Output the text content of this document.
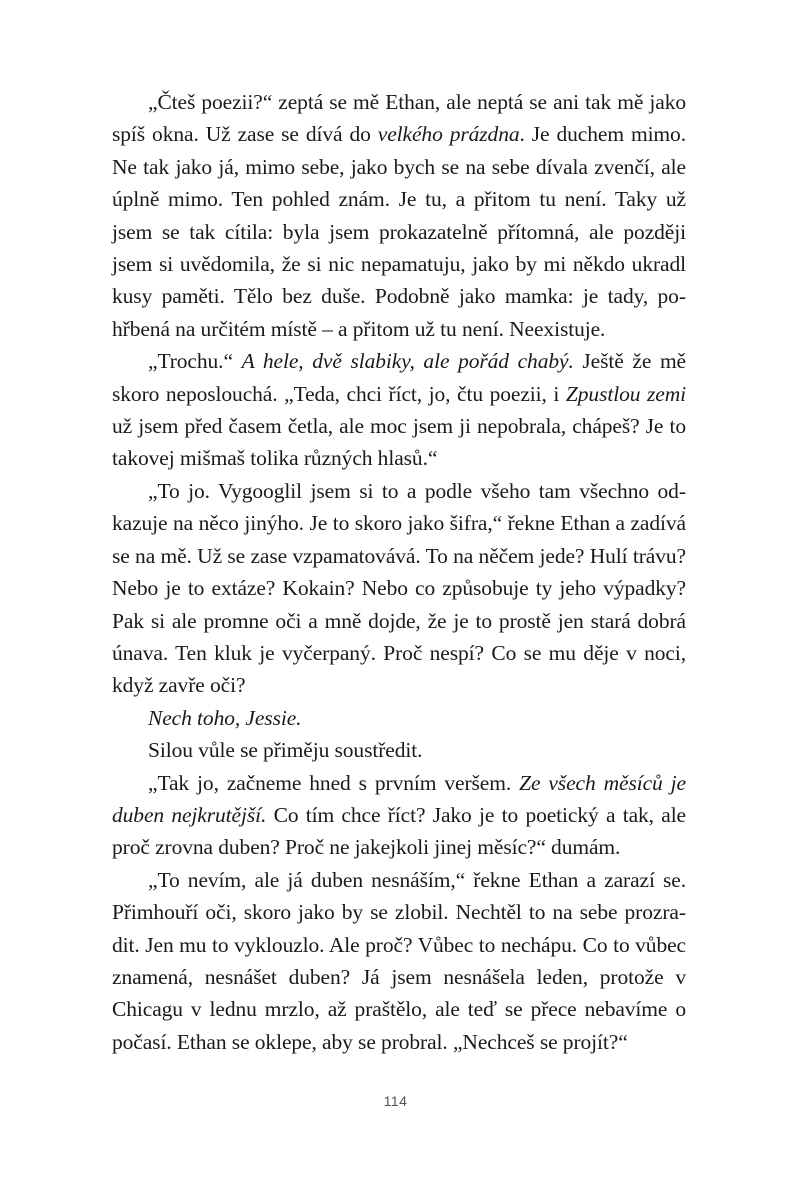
„Čteš poezii?“ zeptá se mě Ethan, ale neptá se ani tak mě jako spíš okna. Už zase se dívá do velkého prázdna. Je duchem mimo. Ne tak jako já, mimo sebe, jako bych se na sebe dívala zvenčí, ale úplně mimo. Ten pohled znám. Je tu, a přitom tu není. Taky už jsem se tak cítila: byla jsem prokazatelně přítomná, ale později jsem si uvědomila, že si nic nepamatuju, jako by mi někdo ukradl kusy paměti. Tělo bez duše. Podobně jako mamka: je tady, pohřbená na určitém místě – a přitom už tu není. Neexistuje.

„Trochu.“ A hele, dvě slabiky, ale pořád chabý. Ještě že mě skoro neposlouchá. „Teda, chci říct, jo, čtu poezii, i Zpustlou zemi už jsem před časem četla, ale moc jsem ji nepobrala, chápeš? Je to takovej mišmaš tolika různých hlasů.“

„To jo. Vygooglil jsem si to a podle všeho tam všechno odkazuje na něco jinýho. Je to skoro jako šifra,“ řekne Ethan a zadívá se na mě. Už se zase vzpamatovává. To na něčem jede? Hulí trávu? Nebo je to extáze? Kokain? Nebo co způsobuje ty jeho výpadky? Pak si ale promne oči a mně dojde, že je to prostě jen stará dobrá únava. Ten kluk je vyčerpaný. Proč nespí? Co se mu děje v noci, když zavře oči?

Nech toho, Jessie.

Silou vůle se přiměju soustředit.

„Tak jo, začneme hned s prvním veršem. Ze všech měsíců je duben nejkrutější. Co tím chce říct? Jako je to poetický a tak, ale proč zrovna duben? Proč ne jakejkoli jinej měsíc?“ dumám.

„To nevím, ale já duben nesnáším,“ řekne Ethan a zarazí se. Přimhouří oči, skoro jako by se zlobil. Nechtěl to na sebe prozradit. Jen mu to vyklouzlo. Ale proč? Vůbec to nechápu. Co to vůbec znamená, nesnášet duben? Já jsem nesnášela leden, protože v Chicagu v lednu mrzlo, až praštělo, ale teď se přece nebavíme o počasí. Ethan se oklepe, aby se probral. „Nechceš se projít?“

114
